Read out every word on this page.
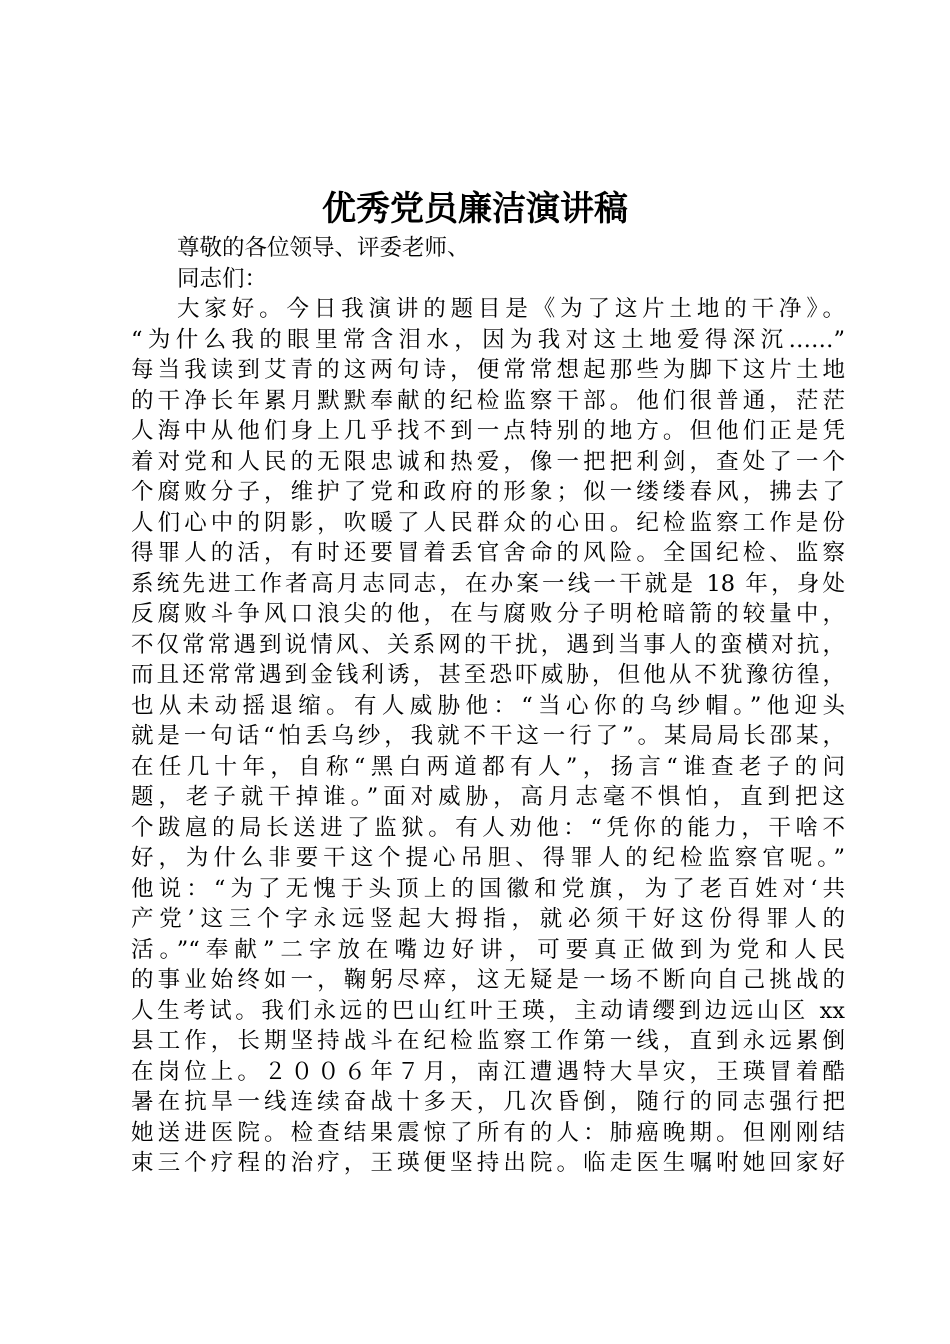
优秀党员廉洁演讲稿
尊敬的各位领导、评委老师、
同志们：
大家好。今日我演讲的题目是《为了这片土地的干净》。
“为什么我的眼里常含泪水，因为我对这土地爱得深沉……”
每当我读到艾青的这两句诗，便常常想起那些为脚下这片土地
的干净长年累月默默奉献的纪检监察干部。他们很普通，茫茫
人海中从他们身上几乎找不到一点特别的地方。但他们正是凭
着对党和人民的无限忠诚和热爱，像一把把利剑，查处了一个
个腐败分子，维护了党和政府的形象；似一缕缕春风，拂去了
人们心中的阴影，吹暖了人民群众的心田。纪检监察工作是份
得罪人的活，有时还要冒着丢官舍命的风险。全国纪检、监察
系统先进工作者高月志同志，在办案一线一干就是 18 年，身处
反腐败斗争风口浪尖的他，在与腐败分子明枪暗箭的较量中，
不仅常常遇到说情风、关系网的干扰，遇到当事人的蛮横对抗，
而且还常常遇到金钱利诱，甚至恐吓威胁，但他从不犹豫彷徨，
也从未动摇退缩。有人威胁他：“当心你的乌纱帽。”他迎头
就是一句话“怕丢乌纱，我就不干这一行了”。某局局长邵某，
在任几十年，自称“黑白两道都有人”，扬言“谁查老子的问
题，老子就干掉谁。”面对威胁，高月志毫不惧怕，直到把这
个跋扈的局长送进了监狱。有人劝他：“凭你的能力，干啥不
好，为什么非要干这个提心吊胆、得罪人的纪检监察官呢。”
他说：“为了无愧于头顶上的国徽和党旗，为了老百姓对‘共
产党’这三个字永远竖起大拇指，就必须干好这份得罪人的
活。”“奉献”二字放在嘴边好讲，可要真正做到为党和人民
的事业始终如一，鞠躬尽瘁，这无疑是一场不断向自己挑战的
人生考试。我们永远的巴山红叶王瑛，主动请缨到边远山区 xx
县工作，长期坚持战斗在纪检监察工作第一线，直到永远累倒
在岗位上。２００６年７月，南江遭遇特大旱灾，王瑛冒着酷
暑在抗旱一线连续奋战十多天，几次昏倒，随行的同志强行把
她送进医院。检查结果震惊了所有的人：肺癌晚期。但刚刚结
束三个疗程的治疗，王瑛便坚持出院。临走医生嘱咐她回家好
